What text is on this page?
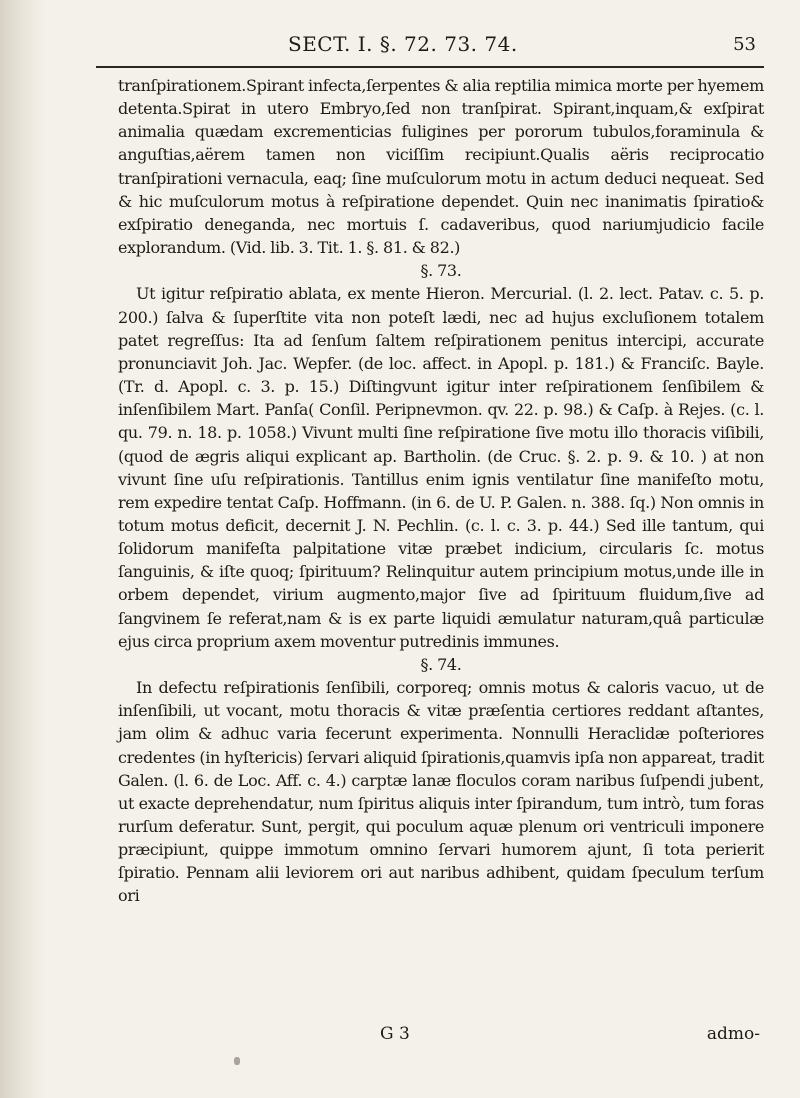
SECT. I. §. 72. 73. 74.	53

tranſpirationem.Spirant infecta,ſerpentes & alia reptilia mimica morte per hyemem detenta.Spirat in utero Embryo,ſed non tranſpirat. Spirant,inquam,& exſpirat animalia quædam excrementicias fuligines per pororum tubulos,foraminula & anguſtias,aërem tamen non viciſſim recipiunt.Qualis aëris reciprocatio tranſpirationi vernacula, eaq; ſine muſculorum motu in actum deduci nequeat. Sed & hic muſculorum motus à reſpiratione dependet. Quin nec inanimatis ſpiratio& exſpiratio deneganda, nec mortuis ſ. cadaveribus, quod nariumjudicio facile explorandum. (Vid. lib. 3. Tit. 1. §. 81. & 82.)

§. 73.

Ut igitur reſpiratio ablata, ex mente Hieron. Mercurial. (l. 2. lect. Patav. c. 5. p. 200.) ſalva & ſuperſtite vita non poteſt lædi, nec ad hujus excluſionem totalem patet regreſſus: Ita ad ſenſum ſaltem reſpirationem penitus intercipi, accurate pronunciavit Joh. Jac. Wepfer. (de loc. affect. in Apopl. p. 181.) & Franciſc. Bayle.(Tr. d. Apopl. c. 3. p. 15.) Diſtingvunt igitur inter reſpirationem ſenſibilem & inſenſibilem Mart. Panſa( Conſil. Peripnevmon. qv. 22. p. 98.) & Caſp. à Rejes. (c. l. qu. 79. n. 18. p. 1058.) Vivunt multi ſine reſpiratione ſive motu illo thoracis viſibili, (quod de ægris aliqui explicant ap. Bartholin. (de Cruc. §. 2. p. 9. & 10. ) at non vivunt ſine uſu reſpirationis. Tantillus enim ignis ventilatur ſine manifeſto motu, rem expedire tentat Caſp. Hoffmann. (in 6. de U. P. Galen. n. 388. ſq.) Non omnis in totum motus deficit, decernit J. N. Pechlin. (c. l. c. 3. p. 44.) Sed ille tantum, qui ſolidorum manifeſta palpitatione vitæ præbet indicium, circularis ſc. motus ſanguinis, & iſte quoq; ſpirituum? Relinquitur autem principium motus,unde ille in orbem dependet, virium augmento,major ſive ad ſpirituum fluidum,ſive ad ſangvinem ſe referat,nam & is ex parte liquidi æmulatur naturam,quâ particulæ ejus circa proprium axem moventur putredinis immunes.

§. 74.

In defectu reſpirationis ſenſibili, corporeq; omnis motus & caloris vacuo, ut de inſenſibili, ut vocant, motu thoracis & vitæ præſentia certiores reddant aſtantes, jam olim & adhuc varia fecerunt experimenta. Nonnulli Heraclidæ poſteriores credentes (in hyſtericis) ſervari aliquid ſpirationis,quamvis ipſa non appareat, tradit Galen. (l. 6. de Loc. Aff. c. 4.) carptæ lanæ floculos coram naribus ſuſpendi jubent, ut exacte deprehendatur, num ſpiritus aliquis inter ſpirandum, tum intrò, tum foras rurſum deferatur. Sunt, pergit, qui poculum aquæ plenum ori ventriculi imponere præcipiunt, quippe immotum omnino ſervari humorem ajunt, ſi tota perierit ſpiratio. Pennam alii leviorem ori aut naribus adhibent, quidam ſpeculum terſum ori

G 3	admo-
